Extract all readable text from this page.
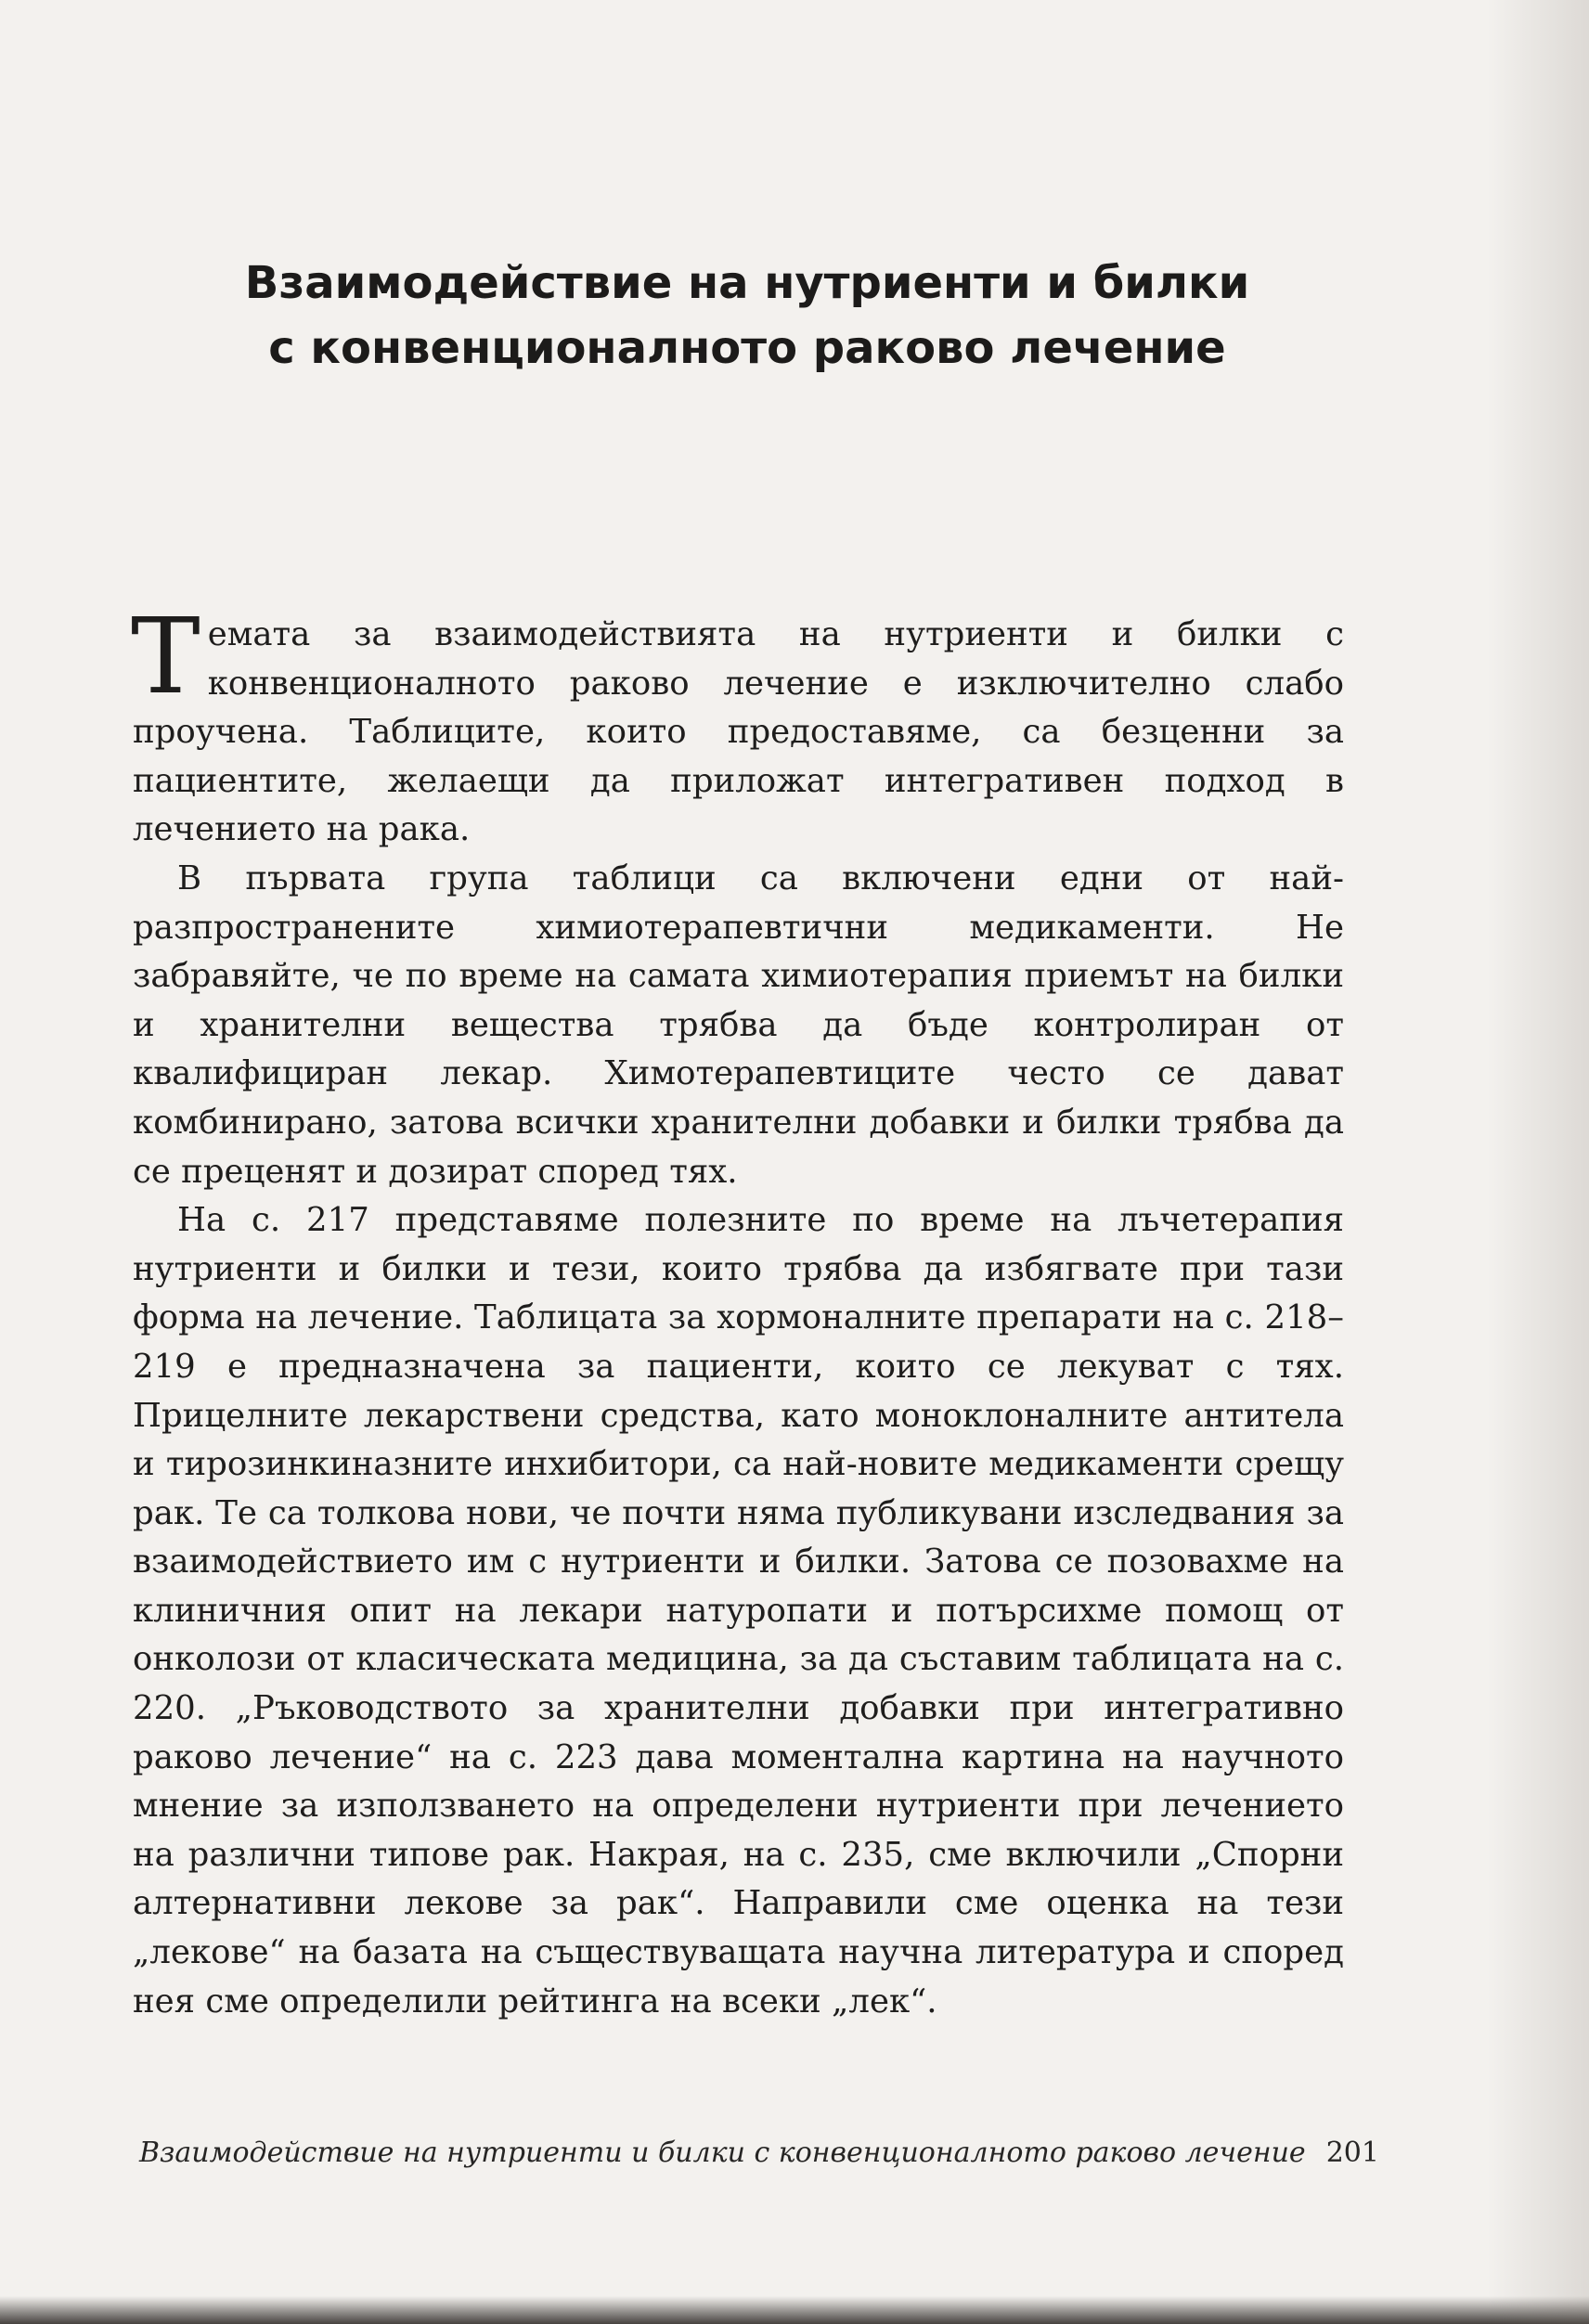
Взаимодействие на нутриенти и билки
с конвенционалното раково лечение

Темата за взаимодействията на нутриенти и билки с конвенционалното раково лечение е изключително слабо проучена. Таблиците, които предоставяме, са безценни за пациентите, желаещи да приложат интегративен подход в лечението на рака.

В първата група таблици са включени едни от най-разпространените химиотерапевтични медикаменти. Не забравяйте, че по време на самата химиотерапия приемът на билки и хранителни вещества трябва да бъде контролиран от квалифициран лекар. Химотерапевтиците често се дават комбинирано, затова всички хранителни добавки и билки трябва да се преценят и дозират според тях.

На с. 217 представяме полезните по време на лъчетерапия нутриенти и билки и тези, които трябва да избягвате при тази форма на лечение. Таблицата за хормоналните препарати на с. 218–219 е предназначена за пациенти, които се лекуват с тях. Прицелните лекарствени средства, като моноклоналните антитела и тирозинкиназните инхибитори, са най-новите медикаменти срещу рак. Те са толкова нови, че почти няма публикувани изследвания за взаимодействието им с нутриенти и билки. Затова се позовахме на клиничния опит на лекари натуропати и потърсихме помощ от онколози от класическата медицина, за да съставим таблицата на с. 220. „Ръководството за хранителни добавки при интегративно раково лечение“ на с. 223 дава моментална картина на научното мнение за използването на определени нутриенти при лечението на различни типове рак. Накрая, на с. 235, сме включили „Спорни алтернативни лекове за рак“. Направили сме оценка на тези „лекове“ на базата на съществуващата научна литература и според нея сме определили рейтинга на всеки „лек“.

Взаимодействие на нутриенти и билки с конвенционалното раково лечение 201
